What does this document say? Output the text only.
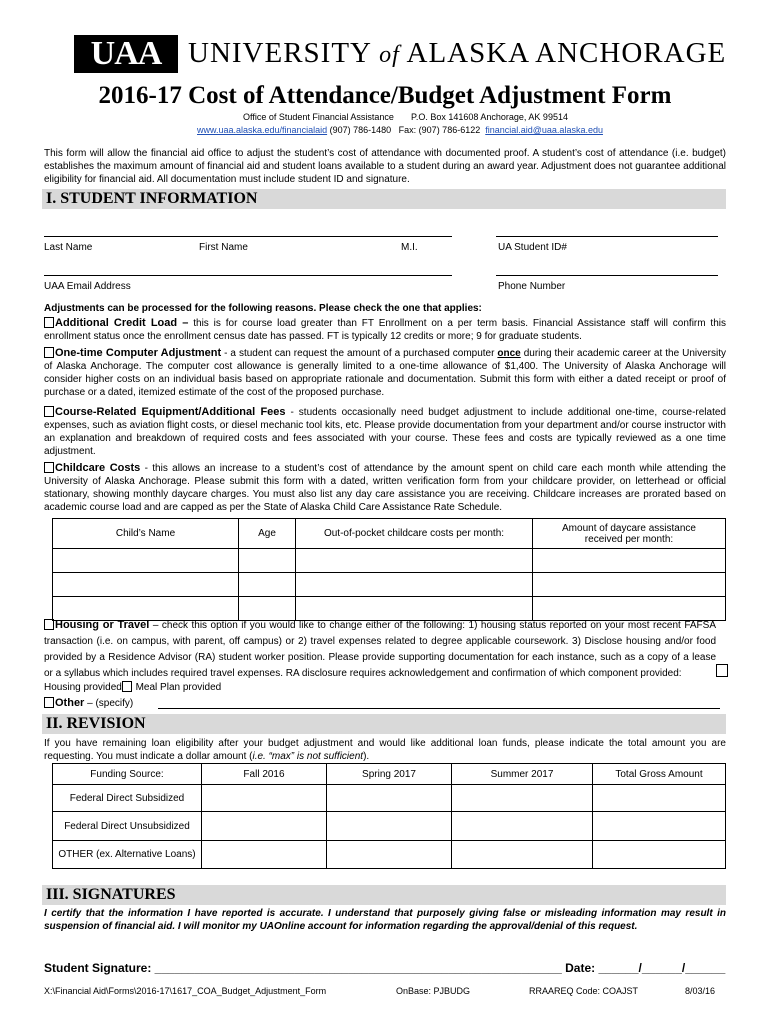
UAA UNIVERSITY of ALASKA ANCHORAGE
2016-17 Cost of Attendance/Budget Adjustment Form
Office of Student Financial Assistance P.O. Box 141608 Anchorage, AK 99514
www.uaa.alaska.edu/financialaid (907) 786-1480 Fax: (907) 786-6122 financial.aid@uaa.alaska.edu
This form will allow the financial aid office to adjust the student’s cost of attendance with documented proof. A student’s cost of attendance (i.e. budget) establishes the maximum amount of financial aid and student loans available to a student during an award year. Adjustment does not guarantee additional eligibility for financial aid. All documentation must include student ID and signature.
I. STUDENT INFORMATION
Last Name	First Name	M.I.	UA Student ID#
UAA Email Address	Phone Number
Adjustments can be processed for the following reasons. Please check the one that applies:
Additional Credit Load – this is for course load greater than FT Enrollment on a per term basis. Financial Assistance staff will confirm this enrollment status once the enrollment census date has passed. FT is typically 12 credits or more; 9 for graduate students.
One-time Computer Adjustment - a student can request the amount of a purchased computer once during their academic career at the University of Alaska Anchorage. The computer cost allowance is generally limited to a one-time allowance of $1,400. The University of Alaska Anchorage will consider higher costs on an individual basis based on appropriate rationale and documentation. Submit this form with either a dated receipt or proof of purchase or a dated, itemized estimate of the cost of the proposed purchase.
Course-Related Equipment/Additional Fees - students occasionally need budget adjustment to include additional one-time, course-related expenses, such as aviation flight costs, or diesel mechanic tool kits, etc. Please provide documentation from your department and/or course instructor with an explanation and breakdown of required costs and fees associated with your course. These fees and costs are typically reviewed as a one time adjustment.
Childcare Costs - this allows an increase to a student’s cost of attendance by the amount spent on child care each month while attending the University of Alaska Anchorage. Please submit this form with a dated, written verification form from your childcare provider, on letterhead or official stationary, showing monthly daycare charges. You must also list any day care assistance you are receiving. Childcare increases are prorated based on academic course load and are capped as per the State of Alaska Child Care Assistance Rate Schedule.
Child’s Name	Age	Out-of-pocket childcare costs per month:	Amount of daycare assistance received per month:

Housing or Travel – check this option if you would like to change either of the following: 1) housing status reported on your most recent FAFSA transaction (i.e. on campus, with parent, off campus) or 2) travel expenses related to degree applicable coursework. 3) Disclose housing and/or food provided by a Residence Advisor (RA) student worker position. Please provide supporting documentation for each instance, such as a copy of a lease or a syllabus which includes required travel expenses. RA disclosure requires acknowledgement and confirmation of which component provided:
Housing provided Meal Plan provided
Other – (specify)
II. REVISION
If you have remaining loan eligibility after your budget adjustment and would like additional loan funds, please indicate the total amount you are requesting. You must indicate a dollar amount (i.e. “max” is not sufficient).
Funding Source:	Fall 2016	Spring 2017	Summer 2017	Total Gross Amount
Federal Direct Subsidized				
Federal Direct Unsubsidized				
OTHER (ex. Alternative Loans)				
III. SIGNATURES
I certify that the information I have reported is accurate. I understand that purposely giving false or misleading information may result in suspension of financial aid. I will monitor my UAOnline account for information regarding the approval/denial of this request.
Student Signature: _____________________________________________________________ Date: ______/______/______
X:\Financial Aid\Forms\2016-17\1617_COA_Budget_Adjustment_Form	OnBase: PJBUDG	RRAAREQ Code: COAJST	8/03/16
